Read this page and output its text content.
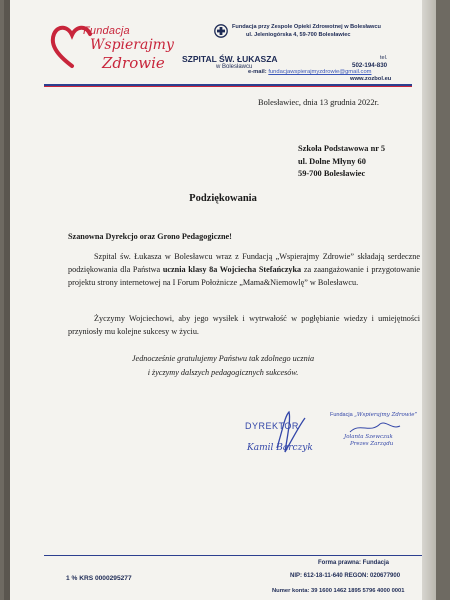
Fundacja
Wspierajmy
Zdrowie SZPITAL ŚW. ŁUKASZA
w Bolesławcu
Fundacja przy Zespole Opieki Zdrowotnej w Bolesławcu
ul. Jeleniogórska 4, 59-700 Bolesławiec
tel.
502-194-830
e-mail: fundacjawspierajmyzdrowie@gmail.com
www.zozbol.eu
Bolesławiec, dnia 13 grudnia 2022r.
Szkoła Podstawowa nr 5
ul. Dolne Młyny 60
59-700 Bolesławiec
Podziękowania
Szanowna Dyrekcjo oraz Grono Pedagogiczne!
Szpital św. Łukasza w Bolesławcu wraz z Fundacją „Wspierajmy Zdrowie” składają serdeczne podziękowania dla Państwa ucznia klasy 8a Wojciecha Stefańczyka za zaangażowanie i przygotowanie projektu strony internetowej na I Forum Położnicze „Mama&Niemowlę” w Bolesławcu.
Życzymy Wojciechowi, aby jego wysiłek i wytrwałość w pogłębianie wiedzy i umiejętności przyniosły mu kolejne sukcesy w życiu.
Jednocześnie gratulujemy Państwu tak zdolnego ucznia
i życzymy dalszych pedagogicznych sukcesów.
DYREKTOR
Kamil Barczyk
Fundacja „Wspierajmy Zdrowie”
Jolanta Szewczuk
Prezes Zarządu
Forma prawna: Fundacja
1 % KRS 0000295277	NIP: 612-18-11-640 REGON: 020677900
Numer konta: 39 1600 1462 1895 5796 4000 0001
